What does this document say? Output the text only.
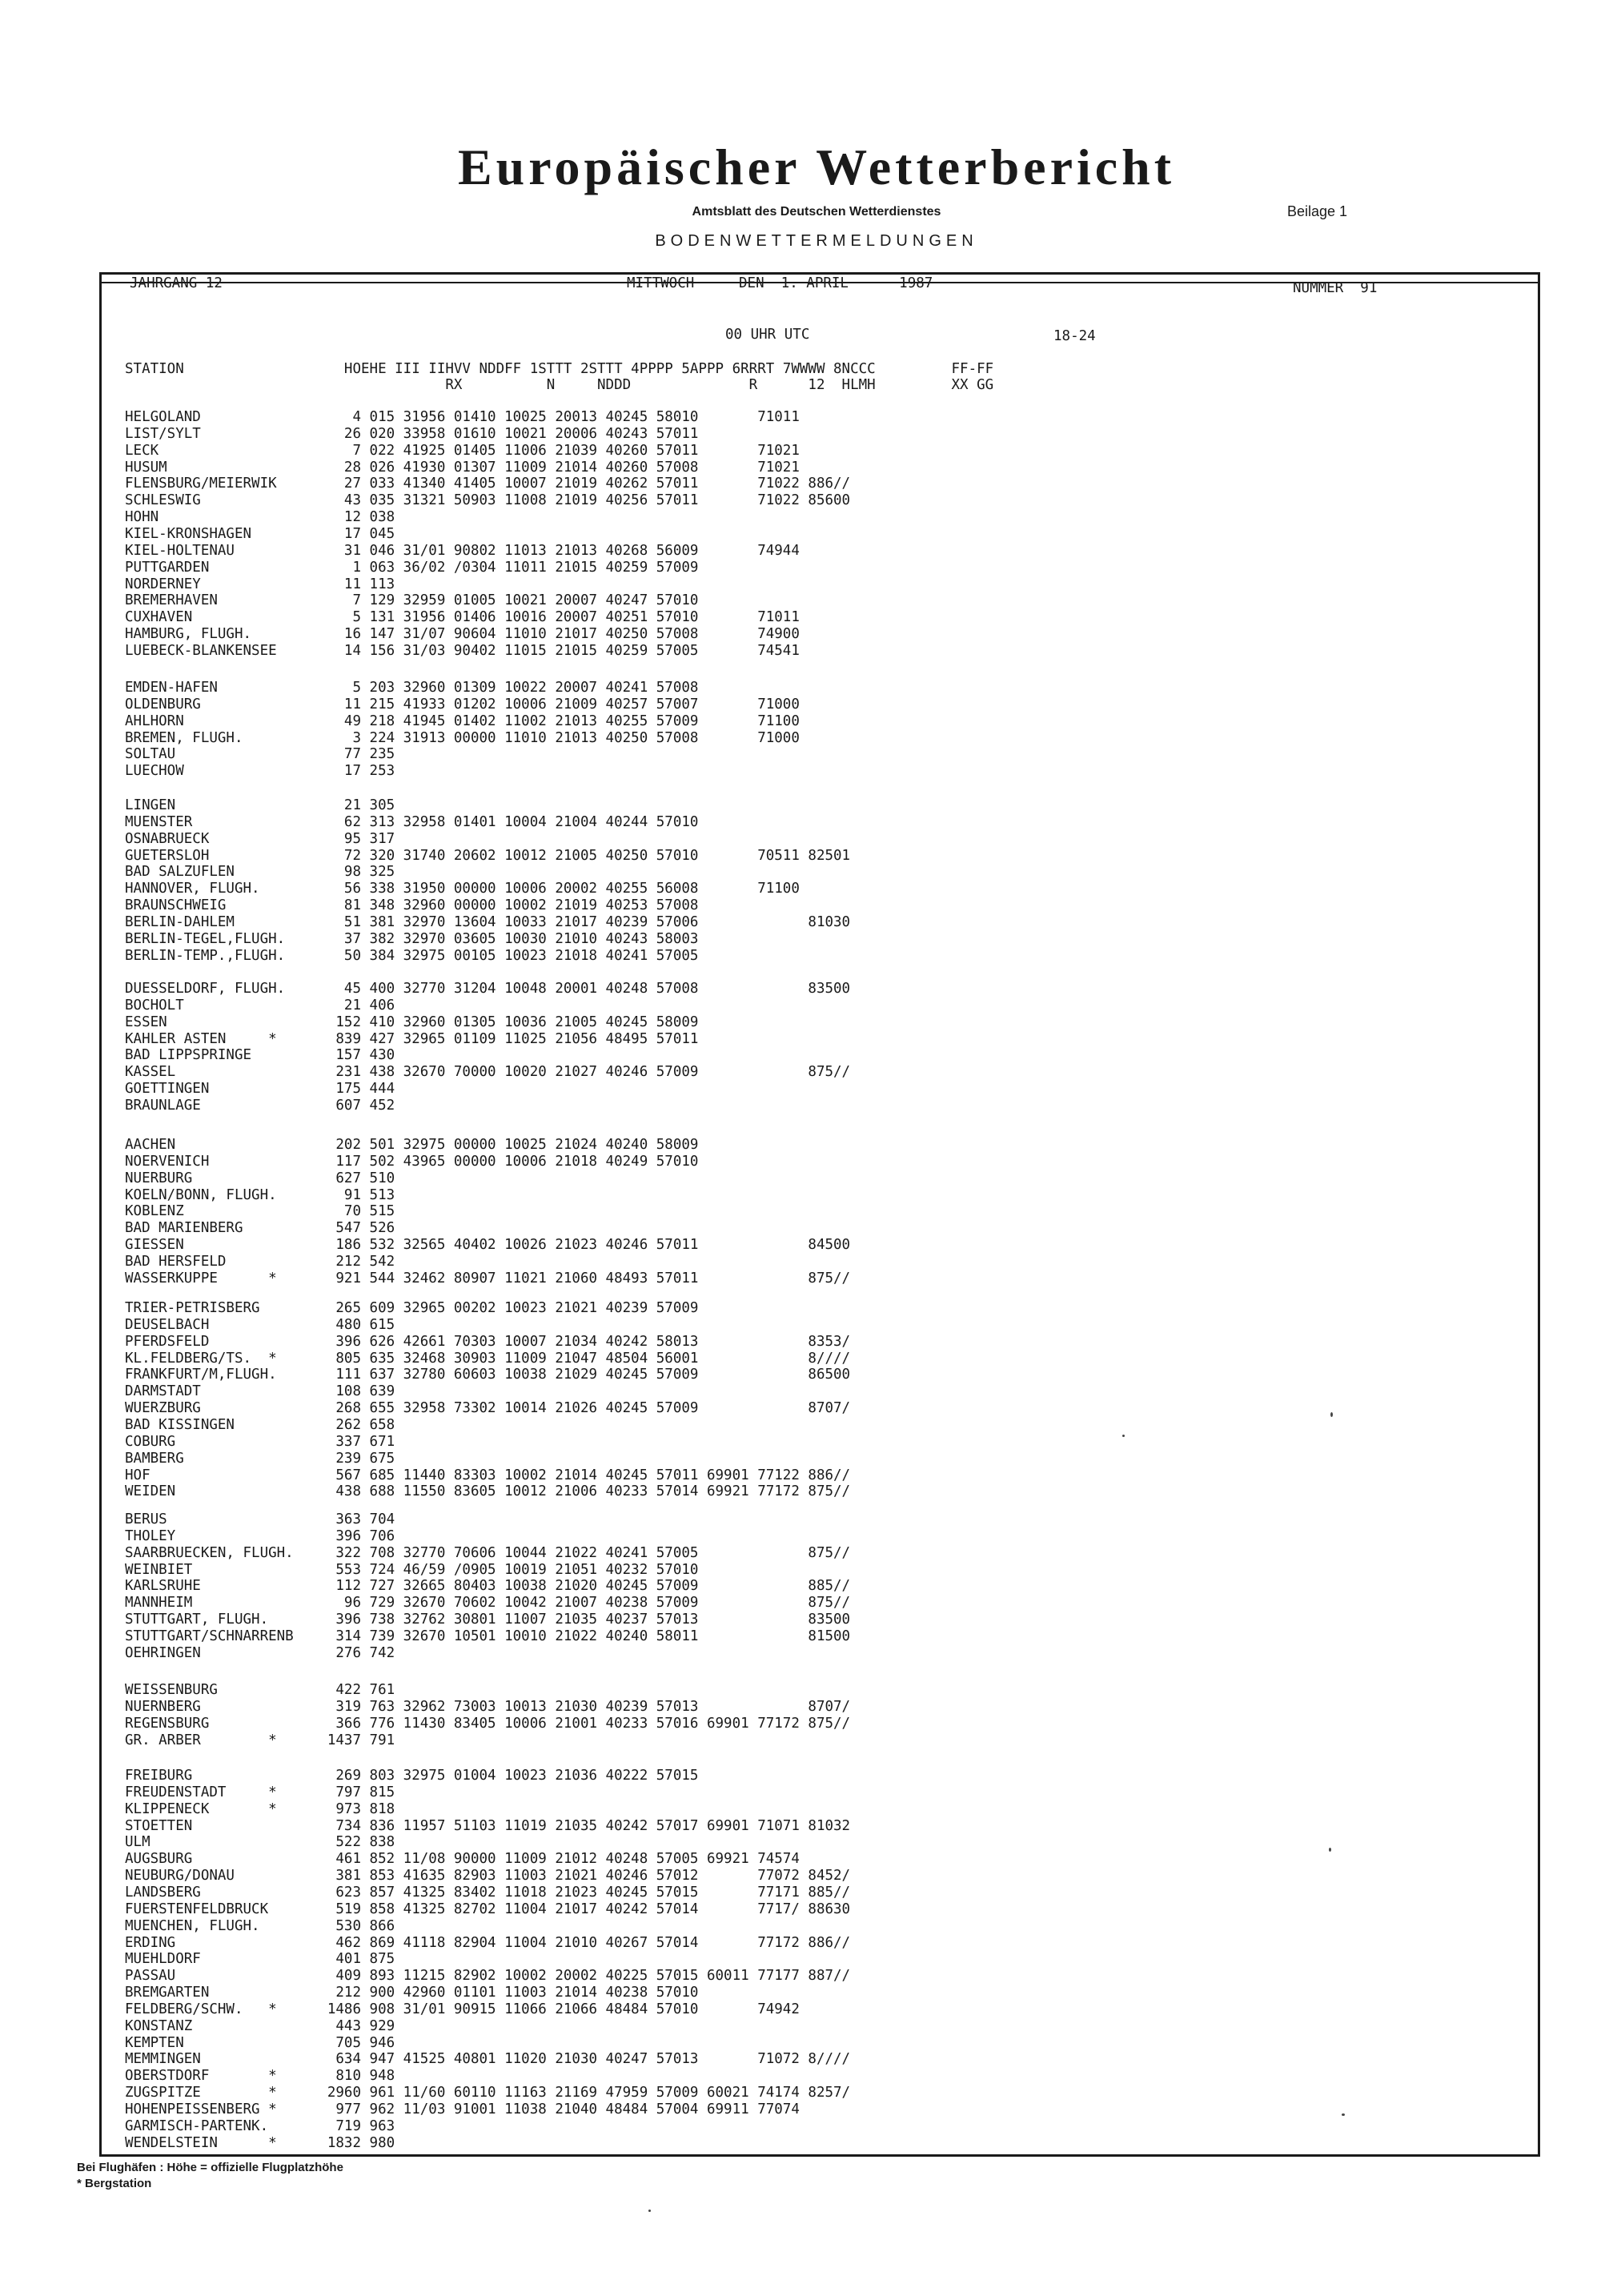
Europäischer Wetterbericht
Amtsblatt des Deutschen Wetterdienstes	Beilage 1
BODENWETTERMELDUNGEN
JAHRGANG 12	MITTWOCH	DEN  1. APRIL      1987	NUMMER  91
00 UHR UTC	18-24
STATION                   HOEHE III IIHVV NDDFF 1STTT 2STTT 4PPPP 5APPP 6RRRT 7WWWW 8NCCC         FF-FF
RX          N     NDDD              R      12  HLMH         XX GG
HELGOLAND                  4 015 31956 01410 10025 20013 40245 58010       71011
LIST/SYLT                 26 020 33958 01610 10021 20006 40243 57011
LECK                       7 022 41925 01405 11006 21039 40260 57011       71021
HUSUM                     28 026 41930 01307 11009 21014 40260 57008       71021
FLENSBURG/MEIERWIK        27 033 41340 41405 10007 21019 40262 57011       71022 886//
SCHLESWIG                 43 035 31321 50903 11008 21019 40256 57011       71022 85600
HOHN                      12 038
KIEL-KRONSHAGEN           17 045
KIEL-HOLTENAU             31 046 31/01 90802 11013 21013 40268 56009       74944
PUTTGARDEN                 1 063 36/02 /0304 11011 21015 40259 57009
NORDERNEY                 11 113
BREMERHAVEN                7 129 32959 01005 10021 20007 40247 57010
CUXHAVEN                   5 131 31956 01406 10016 20007 40251 57010       71011
HAMBURG, FLUGH.           16 147 31/07 90604 11010 21017 40250 57008       74900
LUEBECK-BLANKENSEE        14 156 31/03 90402 11015 21015 40259 57005       74541
EMDEN-HAFEN                5 203 32960 01309 10022 20007 40241 57008
OLDENBURG                 11 215 41933 01202 10006 21009 40257 57007       71000
AHLHORN                   49 218 41945 01402 11002 21013 40255 57009       71100
BREMEN, FLUGH.             3 224 31913 00000 11010 21013 40250 57008       71000
SOLTAU                    77 235
LUECHOW                   17 253
LINGEN                    21 305
MUENSTER                  62 313 32958 01401 10004 21004 40244 57010
OSNABRUECK                95 317
GUETERSLOH                72 320 31740 20602 10012 21005 40250 57010       70511 82501
BAD SALZUFLEN             98 325
HANNOVER, FLUGH.          56 338 31950 00000 10006 20002 40255 56008       71100
BRAUNSCHWEIG              81 348 32960 00000 10002 21019 40253 57008
BERLIN-DAHLEM             51 381 32970 13604 10033 21017 40239 57006             81030
BERLIN-TEGEL,FLUGH.       37 382 32970 03605 10030 21010 40243 58003
BERLIN-TEMP.,FLUGH.       50 384 32975 00105 10023 21018 40241 57005
DUESSELDORF, FLUGH.       45 400 32770 31204 10048 20001 40248 57008             83500
BOCHOLT                   21 406
ESSEN                    152 410 32960 01305 10036 21005 40245 58009
KAHLER ASTEN     *       839 427 32965 01109 11025 21056 48495 57011
BAD LIPPSPRINGE          157 430
KASSEL                   231 438 32670 70000 10020 21027 40246 57009             875//
GOETTINGEN               175 444
BRAUNLAGE                607 452
AACHEN                   202 501 32975 00000 10025 21024 40240 58009
NOERVENICH               117 502 43965 00000 10006 21018 40249 57010
NUERBURG                 627 510
KOELN/BONN, FLUGH.        91 513
KOBLENZ                   70 515
BAD MARIENBERG           547 526
GIESSEN                  186 532 32565 40402 10026 21023 40246 57011             84500
BAD HERSFELD             212 542
WASSERKUPPE      *       921 544 32462 80907 11021 21060 48493 57011             875//
TRIER-PETRISBERG         265 609 32965 00202 10023 21021 40239 57009
DEUSELBACH               480 615
PFERDSFELD               396 626 42661 70303 10007 21034 40242 58013             8353/
KL.FELDBERG/TS.  *       805 635 32468 30903 11009 21047 48504 56001             8////
FRANKFURT/M,FLUGH.       111 637 32780 60603 10038 21029 40245 57009             86500
DARMSTADT                108 639
WUERZBURG                268 655 32958 73302 10014 21026 40245 57009             8707/
BAD KISSINGEN            262 658
COBURG                   337 671
BAMBERG                  239 675
HOF                      567 685 11440 83303 10002 21014 40245 57011 69901 77122 886//
WEIDEN                   438 688 11550 83605 10012 21006 40233 57014 69921 77172 875//
BERUS                    363 704
THOLEY                   396 706
SAARBRUECKEN, FLUGH.     322 708 32770 70606 10044 21022 40241 57005             875//
WEINBIET                 553 724 46/59 /0905 10019 21051 40232 57010
KARLSRUHE                112 727 32665 80403 10038 21020 40245 57009             885//
MANNHEIM                  96 729 32670 70602 10042 21007 40238 57009             875//
STUTTGART, FLUGH.        396 738 32762 30801 11007 21035 40237 57013             83500
STUTTGART/SCHNARRENB     314 739 32670 10501 10010 21022 40240 58011             81500
OEHRINGEN                276 742
WEISSENBURG              422 761
NUERNBERG                319 763 32962 73003 10013 21030 40239 57013             8707/
REGENSBURG               366 776 11430 83405 10006 21001 40233 57016 69901 77172 875//
GR. ARBER        *      1437 791
FREIBURG                 269 803 32975 01004 10023 21036 40222 57015
FREUDENSTADT     *       797 815
KLIPPENECK       *       973 818
STOETTEN                 734 836 11957 51103 11019 21035 40242 57017 69901 71071 81032
ULM                      522 838
AUGSBURG                 461 852 11/08 90000 11009 21012 40248 57005 69921 74574
NEUBURG/DONAU            381 853 41635 82903 11003 21021 40246 57012       77072 8452/
LANDSBERG                623 857 41325 83402 11018 21023 40245 57015       77171 885//
FUERSTENFELDBRUCK        519 858 41325 82702 11004 21017 40242 57014       7717/ 88630
MUENCHEN, FLUGH.         530 866
ERDING                   462 869 41118 82904 11004 21010 40267 57014       77172 886//
MUEHLDORF                401 875
PASSAU                   409 893 11215 82902 10002 20002 40225 57015 60011 77177 887//
BREMGARTEN               212 900 42960 01101 11003 21014 40238 57010
FELDBERG/SCHW.   *      1486 908 31/01 90915 11066 21066 48484 57010       74942
KONSTANZ                 443 929
KEMPTEN                  705 946
MEMMINGEN                634 947 41525 40801 11020 21030 40247 57013       71072 8////
OBERSTDORF       *       810 948
ZUGSPITZE        *      2960 961 11/60 60110 11163 21169 47959 57009 60021 74174 8257/
HOHENPEISSENBERG *       977 962 11/03 91001 11038 21040 48484 57004 69911 77074
GARMISCH-PARTENK.        719 963
WENDELSTEIN      *      1832 980
Bei Flughäfen : Höhe = offizielle Flugplatzhöhe
* Bergstation
